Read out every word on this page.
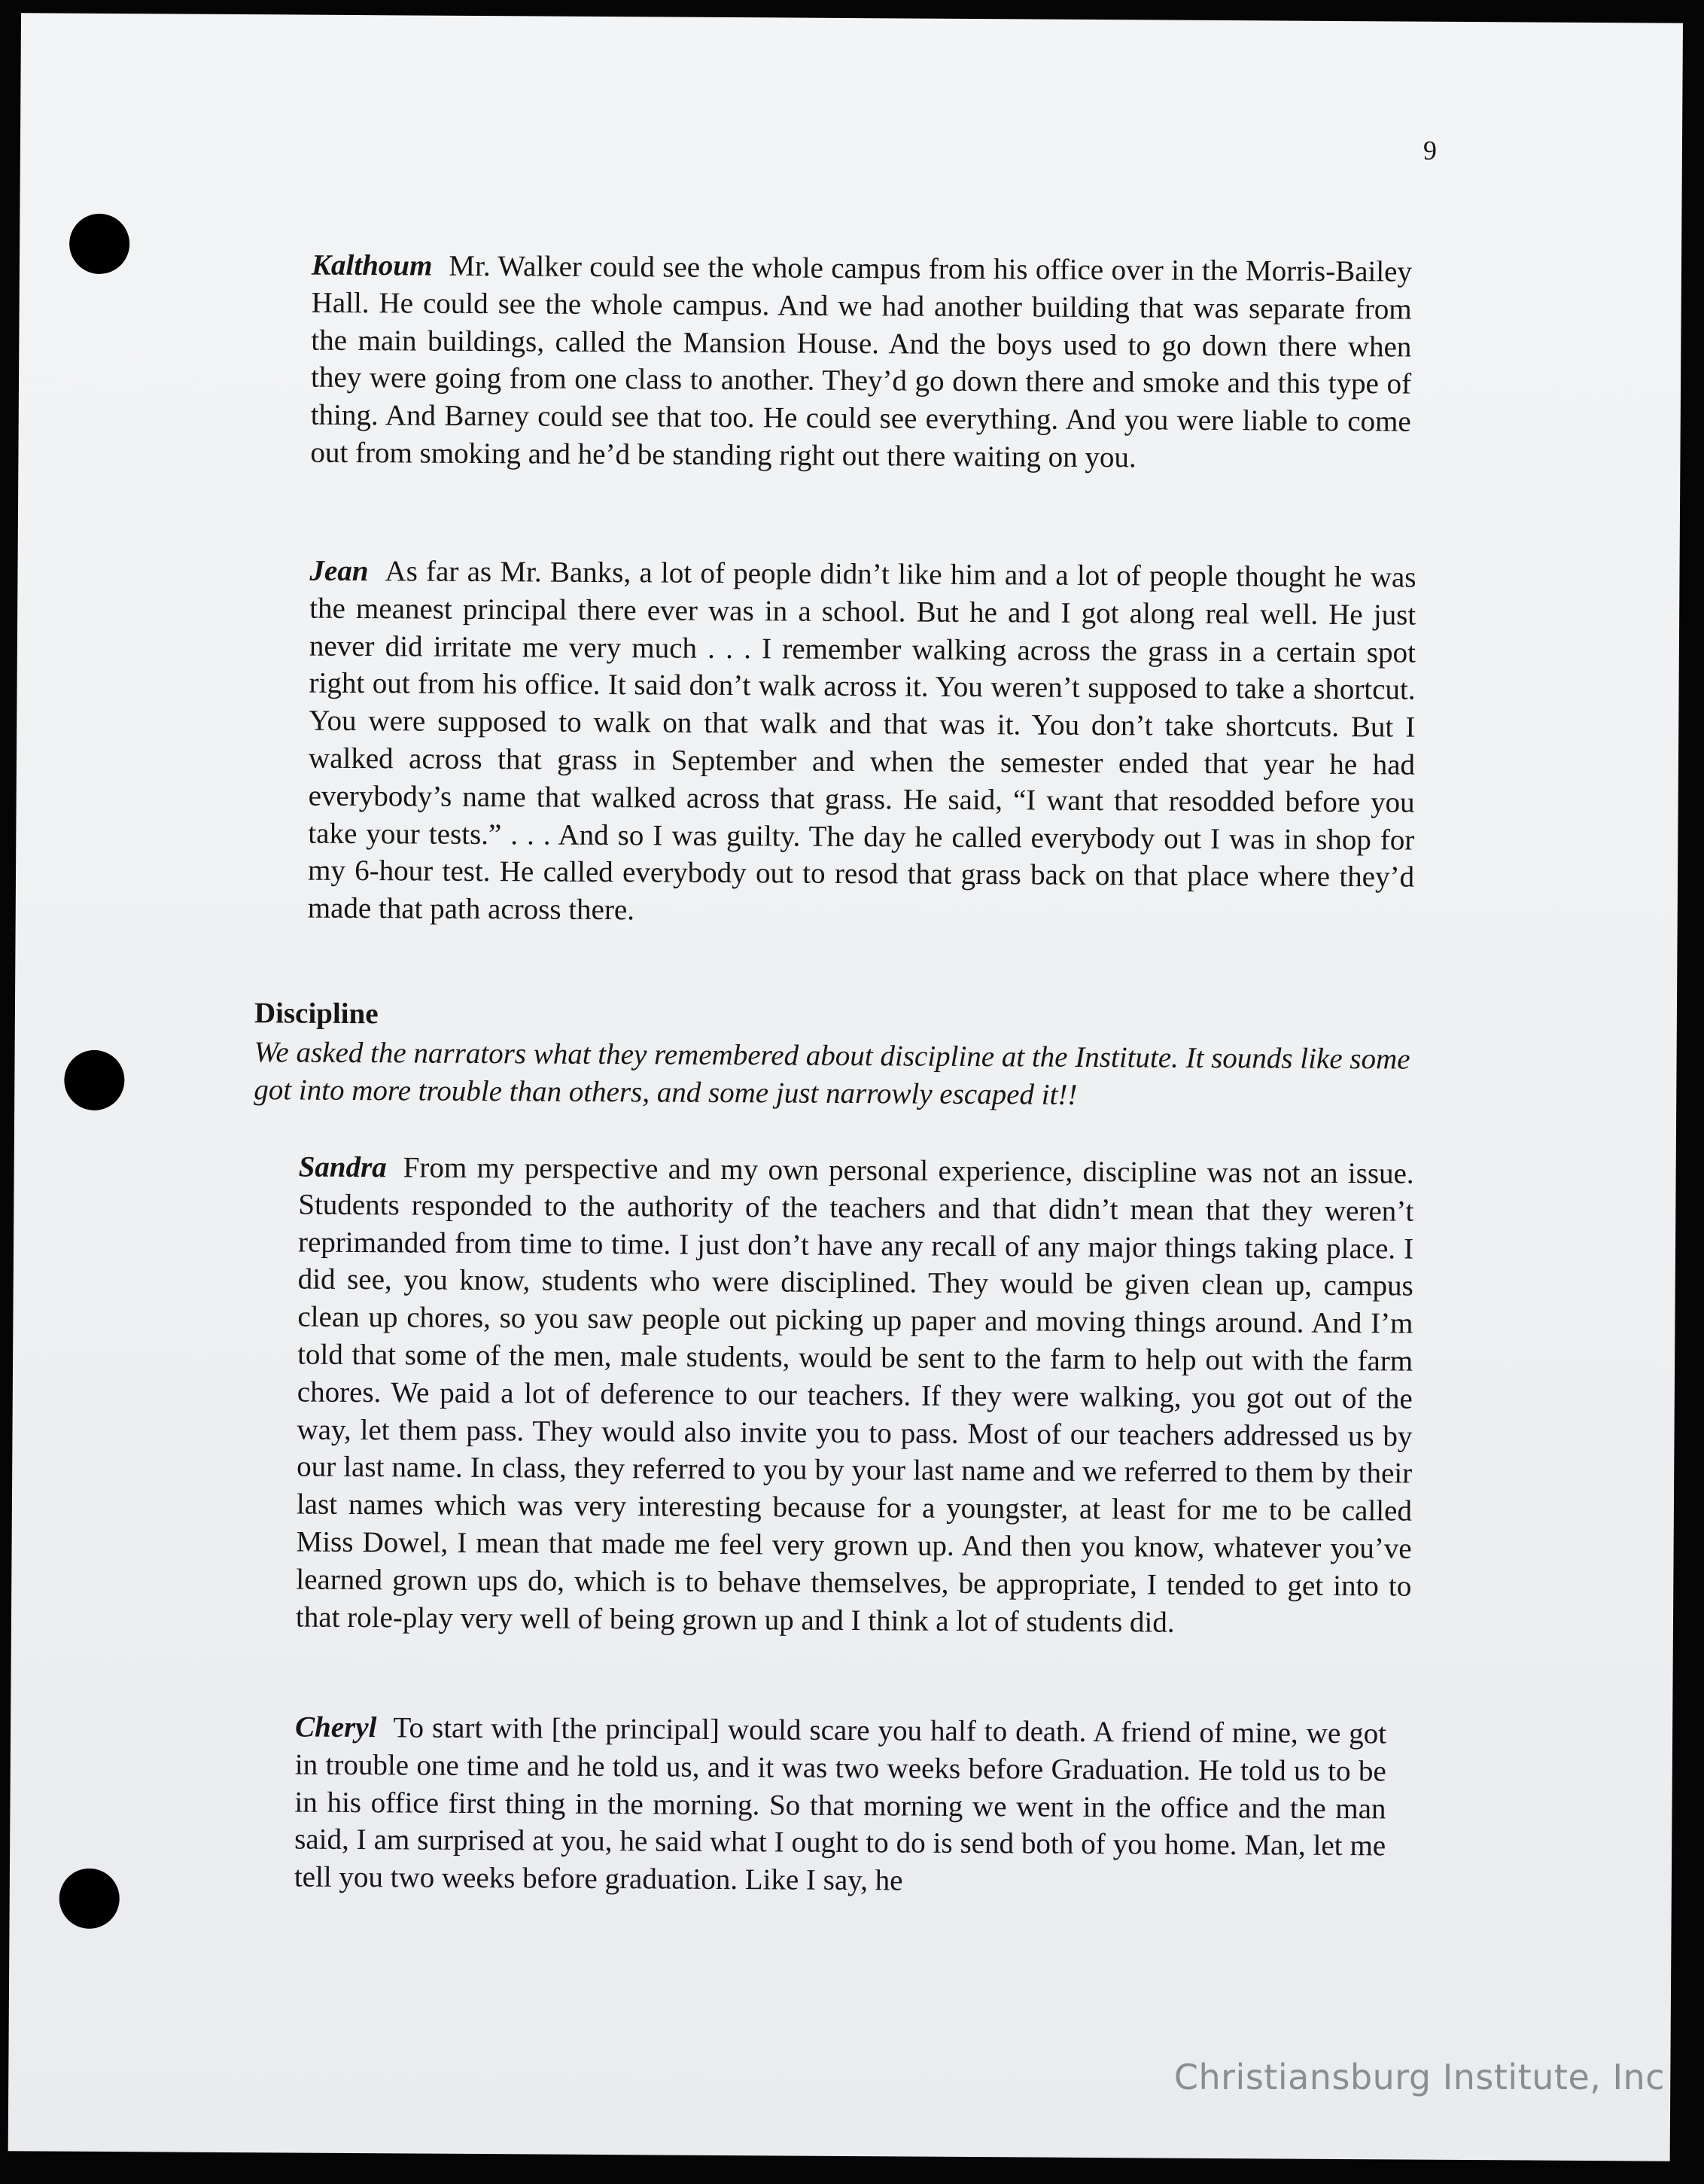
9
Kalthoum Mr. Walker could see the whole campus from his office over in the Morris-Bailey Hall. He could see the whole campus. And we had another building that was separate from the main buildings, called the Mansion House. And the boys used to go down there when they were going from one class to another. They’d go down there and smoke and this type of thing. And Barney could see that too. He could see everything. And you were liable to come out from smoking and he’d be standing right out there waiting on you.
Jean As far as Mr. Banks, a lot of people didn’t like him and a lot of people thought he was the meanest principal there ever was in a school. But he and I got along real well. He just never did irritate me very much . . . I remember walking across the grass in a certain spot right out from his office. It said don’t walk across it. You weren’t supposed to take a shortcut. You were supposed to walk on that walk and that was it. You don’t take shortcuts. But I walked across that grass in September and when the semester ended that year he had everybody’s name that walked across that grass. He said, “I want that resodded before you take your tests.” . . . And so I was guilty. The day he called everybody out I was in shop for my 6-hour test. He called everybody out to resod that grass back on that place where they’d made that path across there.
Discipline
We asked the narrators what they remembered about discipline at the Institute. It sounds like some got into more trouble than others, and some just narrowly escaped it!!
Sandra From my perspective and my own personal experience, discipline was not an issue. Students responded to the authority of the teachers and that didn’t mean that they weren’t reprimanded from time to time. I just don’t have any recall of any major things taking place. I did see, you know, students who were disciplined. They would be given clean up, campus clean up chores, so you saw people out picking up paper and moving things around. And I’m told that some of the men, male students, would be sent to the farm to help out with the farm chores. We paid a lot of deference to our teachers. If they were walking, you got out of the way, let them pass. They would also invite you to pass. Most of our teachers addressed us by our last name. In class, they referred to you by your last name and we referred to them by their last names which was very interesting because for a youngster, at least for me to be called Miss Dowel, I mean that made me feel very grown up. And then you know, whatever you’ve learned grown ups do, which is to behave themselves, be appropriate, I tended to get into to that role-play very well of being grown up and I think a lot of students did.
Cheryl To start with [the principal] would scare you half to death. A friend of mine, we got in trouble one time and he told us, and it was two weeks before Graduation. He told us to be in his office first thing in the morning. So that morning we went in the office and the man said, I am surprised at you, he said what I ought to do is send both of you home. Man, let me tell you two weeks before graduation. Like I say, he
Christiansburg Institute, Inc
